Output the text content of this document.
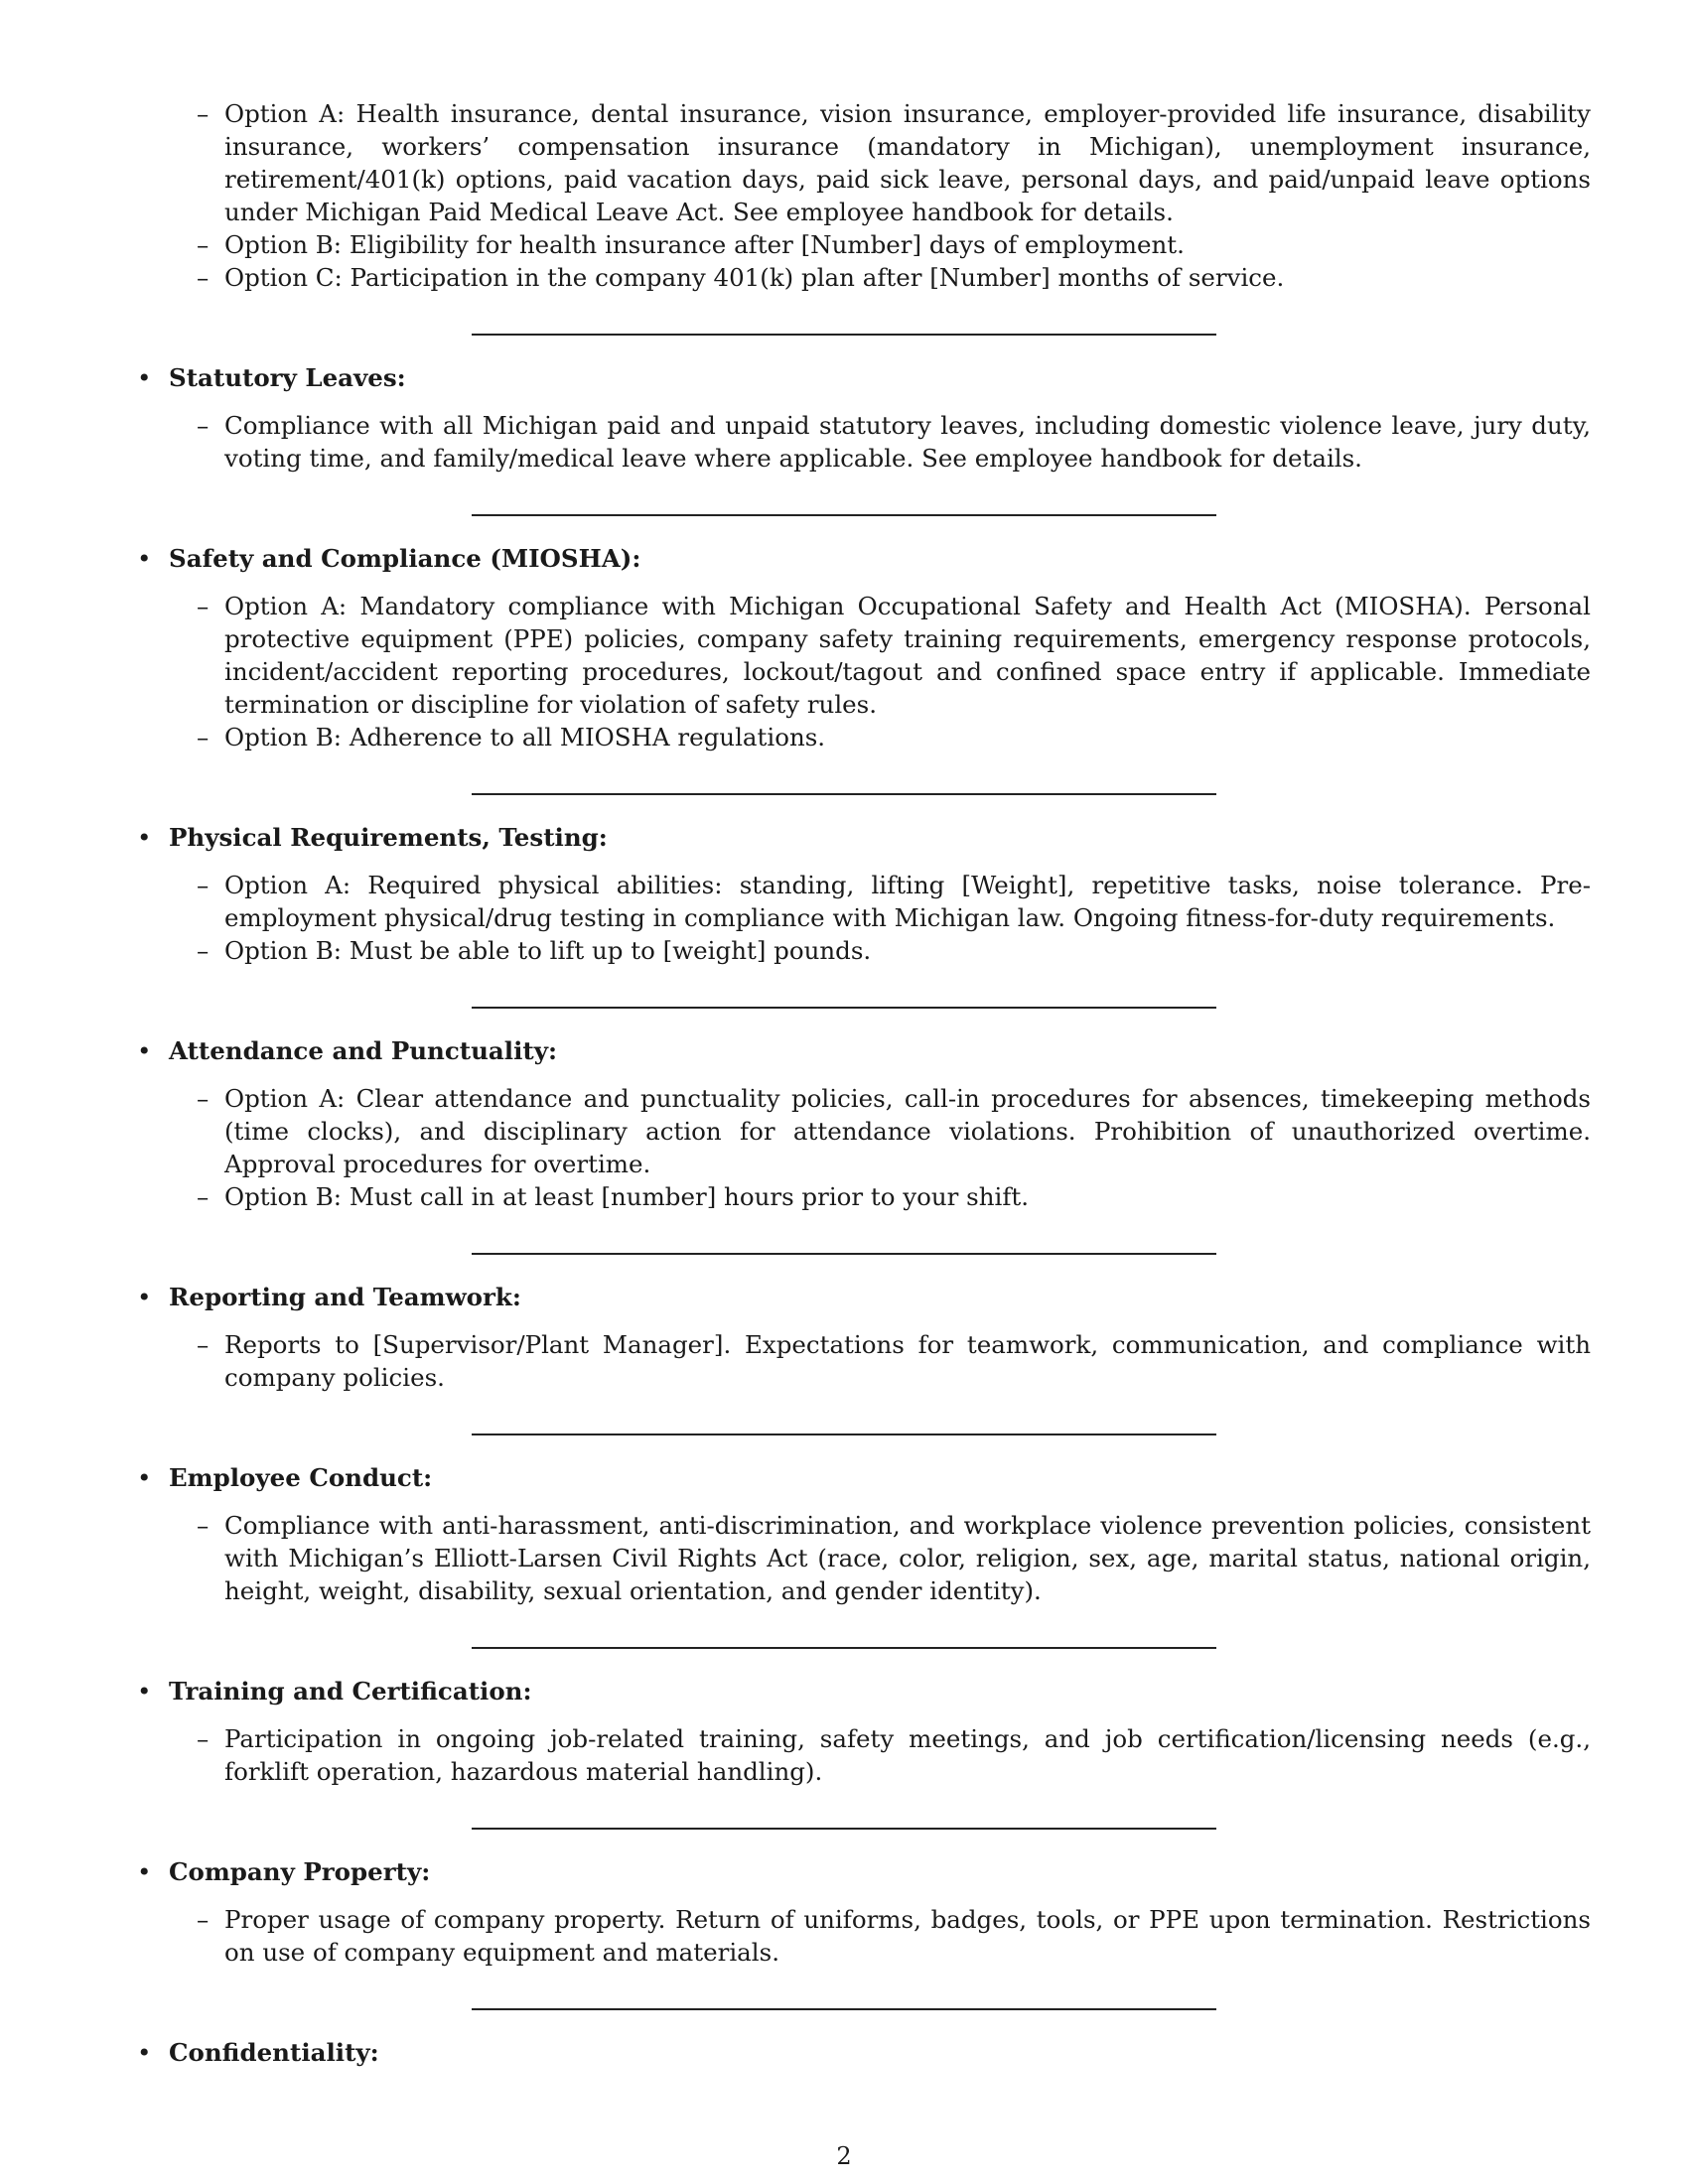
– Option A: Health insurance, dental insurance, vision insurance, employer-provided life insurance, disability insurance, workers’ compensation insurance (mandatory in Michigan), unemployment insurance, retirement/401(k) options, paid vacation days, paid sick leave, personal days, and paid/unpaid leave options under Michigan Paid Medical Leave Act. See employee handbook for details.
– Option B: Eligibility for health insurance after [Number] days of employment.
– Option C: Participation in the company 401(k) plan after [Number] months of service.
• Statutory Leaves:
– Compliance with all Michigan paid and unpaid statutory leaves, including domestic violence leave, jury duty, voting time, and family/medical leave where applicable. See employee handbook for details.
• Safety and Compliance (MIOSHA):
– Option A: Mandatory compliance with Michigan Occupational Safety and Health Act (MIOSHA). Personal protective equipment (PPE) policies, company safety training requirements, emergency response protocols, incident/accident reporting procedures, lockout/tagout and confined space entry if applicable. Immediate termination or discipline for violation of safety rules.
– Option B: Adherence to all MIOSHA regulations.
• Physical Requirements, Testing:
– Option A: Required physical abilities: standing, lifting [Weight], repetitive tasks, noise tolerance. Pre-employment physical/drug testing in compliance with Michigan law. Ongoing fitness-for-duty requirements.
– Option B: Must be able to lift up to [weight] pounds.
• Attendance and Punctuality:
– Option A: Clear attendance and punctuality policies, call-in procedures for absences, timekeeping methods (time clocks), and disciplinary action for attendance violations. Prohibition of unauthorized overtime. Approval procedures for overtime.
– Option B: Must call in at least [number] hours prior to your shift.
• Reporting and Teamwork:
– Reports to [Supervisor/Plant Manager]. Expectations for teamwork, communication, and compliance with company policies.
• Employee Conduct:
– Compliance with anti-harassment, anti-discrimination, and workplace violence prevention policies, consistent with Michigan’s Elliott-Larsen Civil Rights Act (race, color, religion, sex, age, marital status, national origin, height, weight, disability, sexual orientation, and gender identity).
• Training and Certification:
– Participation in ongoing job-related training, safety meetings, and job certification/licensing needs (e.g., forklift operation, hazardous material handling).
• Company Property:
– Proper usage of company property. Return of uniforms, badges, tools, or PPE upon termination. Restrictions on use of company equipment and materials.
• Confidentiality:
2
